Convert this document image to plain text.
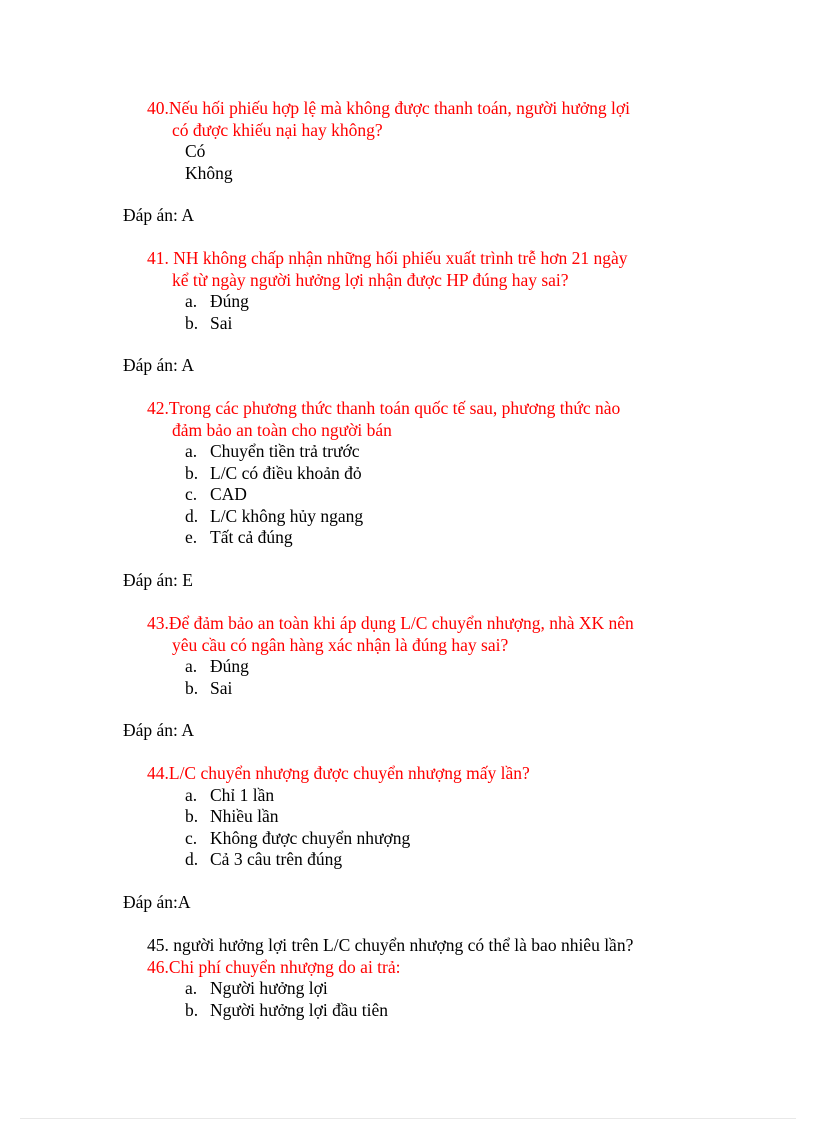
40.Nếu hối phiếu hợp lệ mà không được thanh toán, người hưởng lợi
có được khiếu nại hay không?
Có
Không
Đáp án: A
41. NH không chấp nhận những hối phiếu xuất trình trễ hơn 21 ngày
kể từ ngày người hưởng lợi nhận được HP đúng hay sai?
a. Đúng
b. Sai
Đáp án: A
42.Trong các phương thức thanh toán quốc tế sau, phương thức nào
đảm bảo an toàn cho người bán
a. Chuyển tiền trả trước
b. L/C có điều khoản đỏ
c. CAD
d. L/C không hủy ngang
e. Tất cả đúng
Đáp án: E
43.Để đảm bảo an toàn khi áp dụng L/C chuyển nhượng, nhà XK nên
yêu cầu có ngân hàng xác nhận là đúng hay sai?
a. Đúng
b. Sai
Đáp án: A
44.L/C chuyển nhượng được chuyển nhượng mấy lần?
a. Chỉ 1 lần
b. Nhiều lần
c. Không được chuyển nhượng
d. Cả 3 câu trên đúng
Đáp án:A
45. người hưởng lợi trên L/C chuyển nhượng có thể là bao nhiêu lần?
46.Chi phí chuyển nhượng do ai trả:
a. Người hưởng lợi
b. Người hưởng lợi đầu tiên
